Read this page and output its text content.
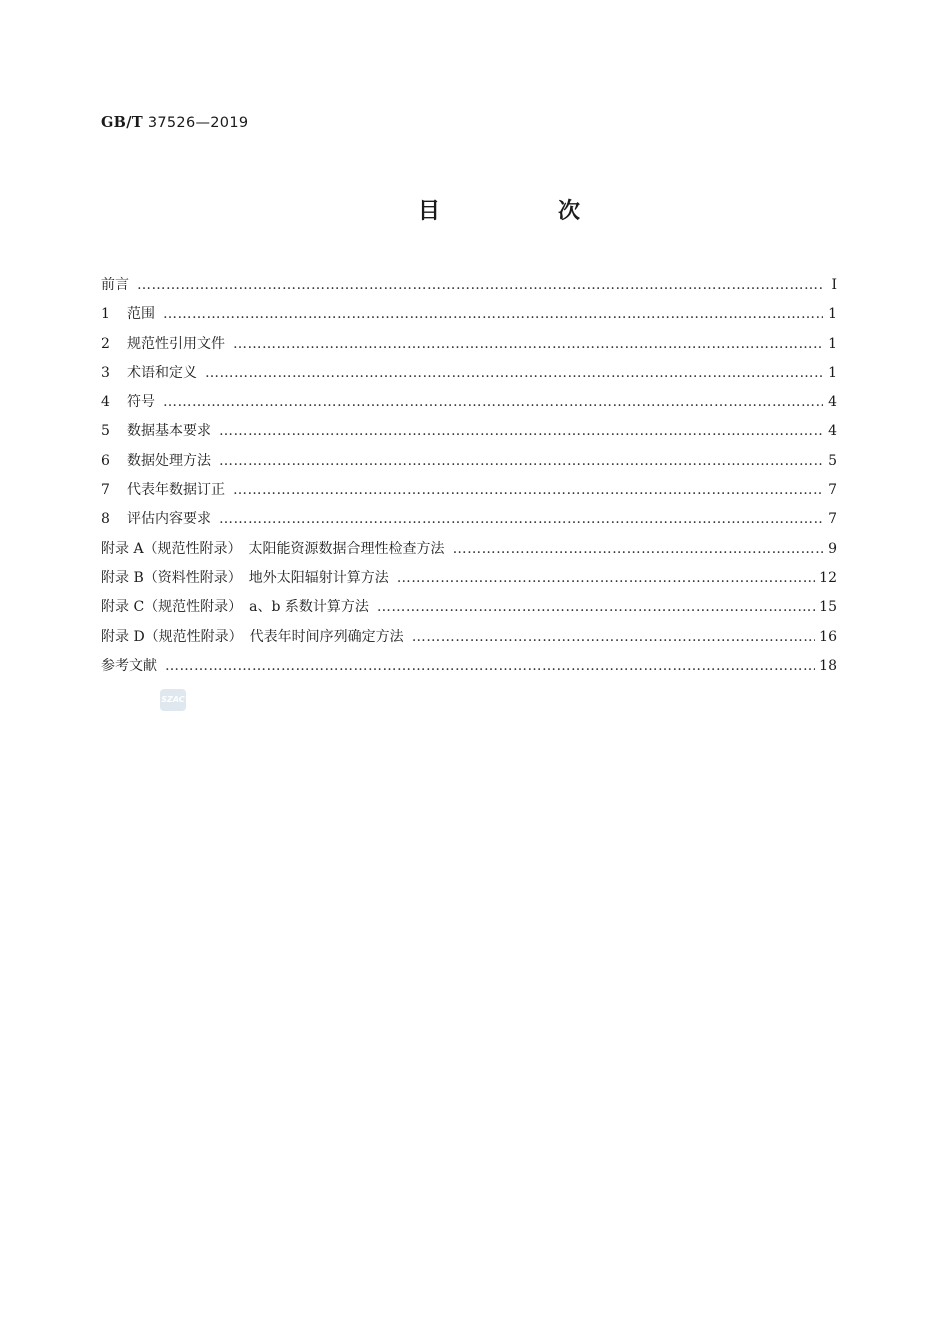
GB/T 37526—2019
目　次
前言 …………………………………………………………………………………………………………………………………………………………………………………………………	Ⅰ
1	范围 …………………………………………………………………………………………………………………………………………………………………………………………………	1
2	规范性引用文件 …………………………………………………………………………………………………………………………………………………………………………………………………	1
3	术语和定义 …………………………………………………………………………………………………………………………………………………………………………………………………	1
4	符号 …………………………………………………………………………………………………………………………………………………………………………………………………	4
5	数据基本要求 …………………………………………………………………………………………………………………………………………………………………………………………………	4
6	数据处理方法 …………………………………………………………………………………………………………………………………………………………………………………………………	5
7	代表年数据订正 …………………………………………………………………………………………………………………………………………………………………………………………………	7
8	评估内容要求 …………………………………………………………………………………………………………………………………………………………………………………………………	7
附录 A（规范性附录）　太阳能资源数据合理性检查方法 …………………………………………………………………………………………………………………………………………………………………………………………………	9
附录 B（资料性附录）　地外太阳辐射计算方法 …………………………………………………………………………………………………………………………………………………………………………………………………	12
附录 C（规范性附录）　a、b 系数计算方法 …………………………………………………………………………………………………………………………………………………………………………………………………	15
附录 D（规范性附录）　代表年时间序列确定方法 …………………………………………………………………………………………………………………………………………………………………………………………………	16
参考文献 …………………………………………………………………………………………………………………………………………………………………………………………………	18
SZAC
